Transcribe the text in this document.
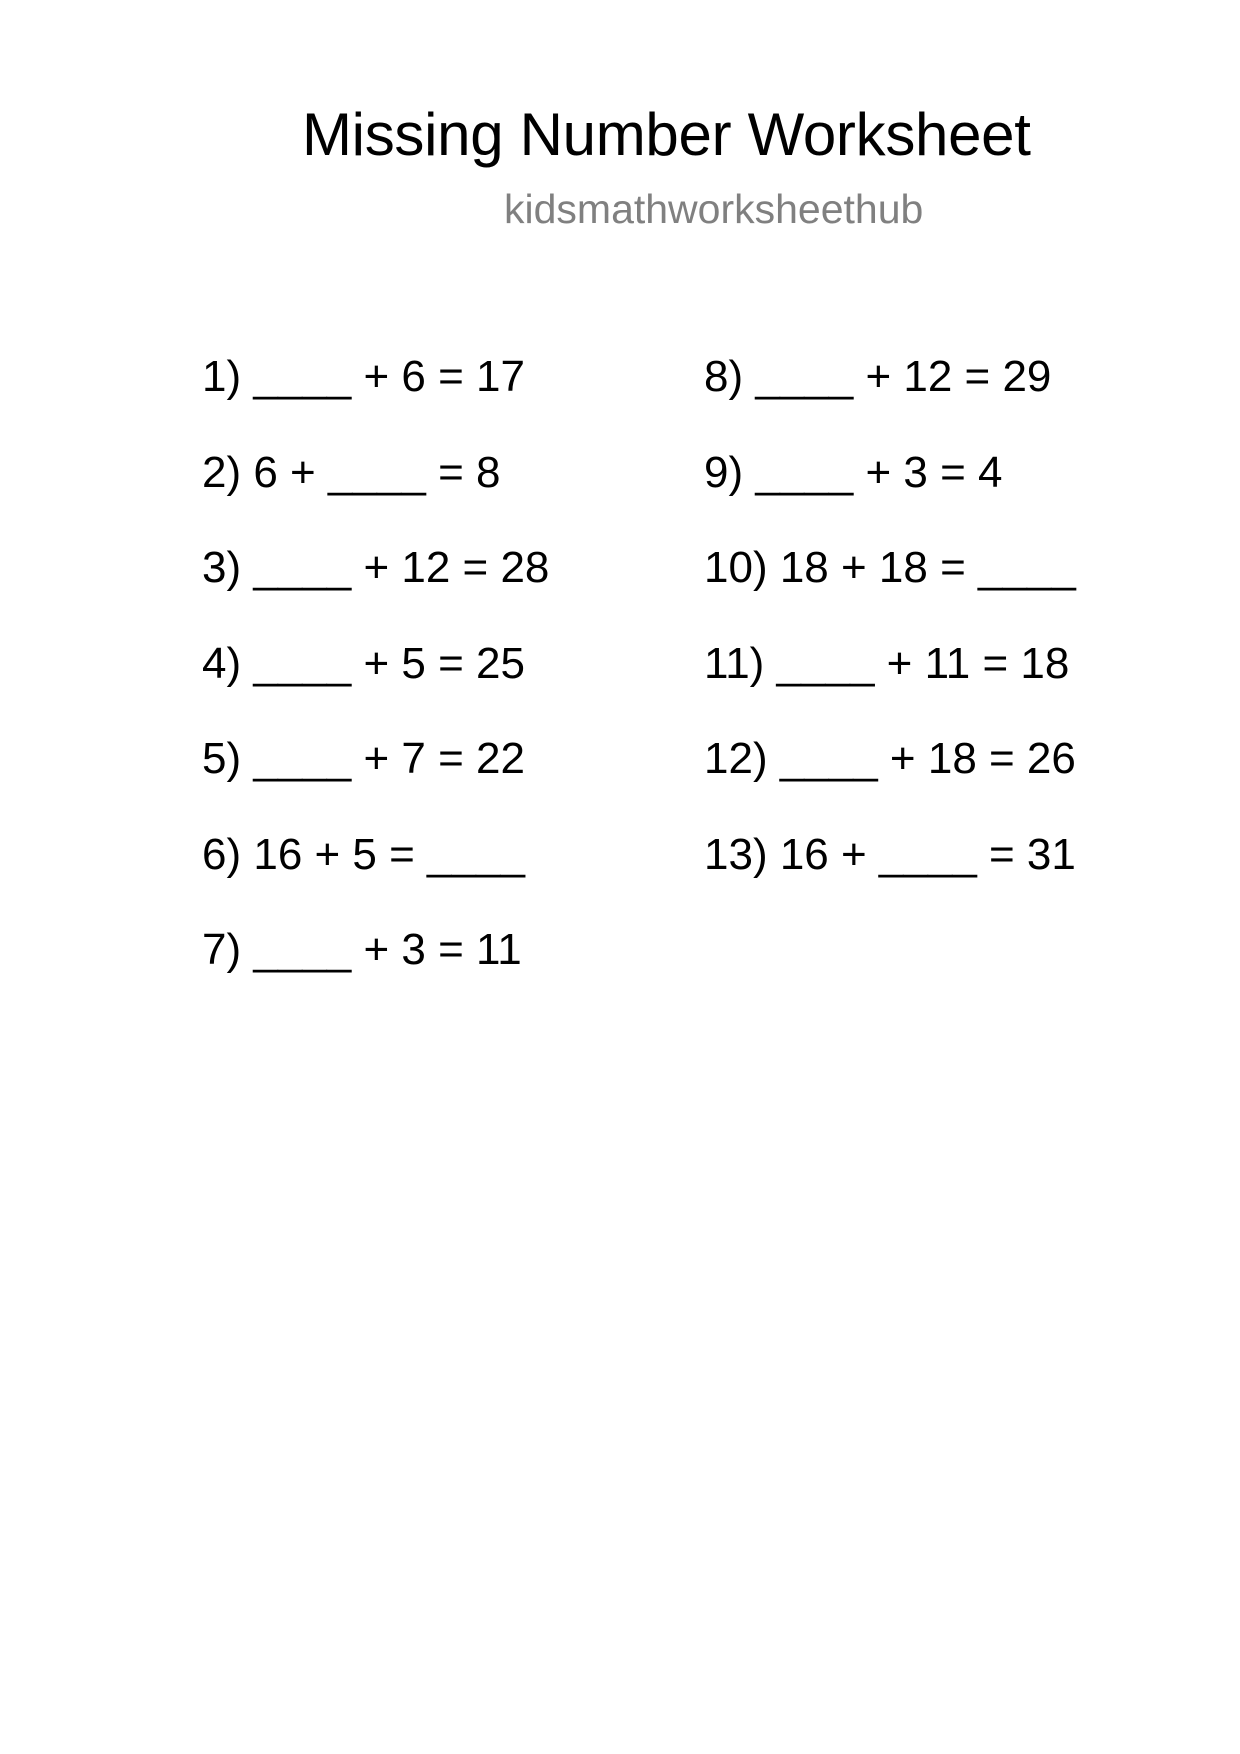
Missing Number Worksheet
kidsmathworksheethub
1) ____ + 6 = 17
2) 6 + ____ = 8
3) ____ + 12 = 28
4) ____ + 5 = 25
5) ____ + 7 = 22
6) 16 + 5 = ____
7) ____ + 3 = 11
8) ____ + 12 = 29
9) ____ + 3 = 4
10) 18 + 18 = ____
11) ____ + 11 = 18
12) ____ + 18 = 26
13) 16 + ____ = 31
